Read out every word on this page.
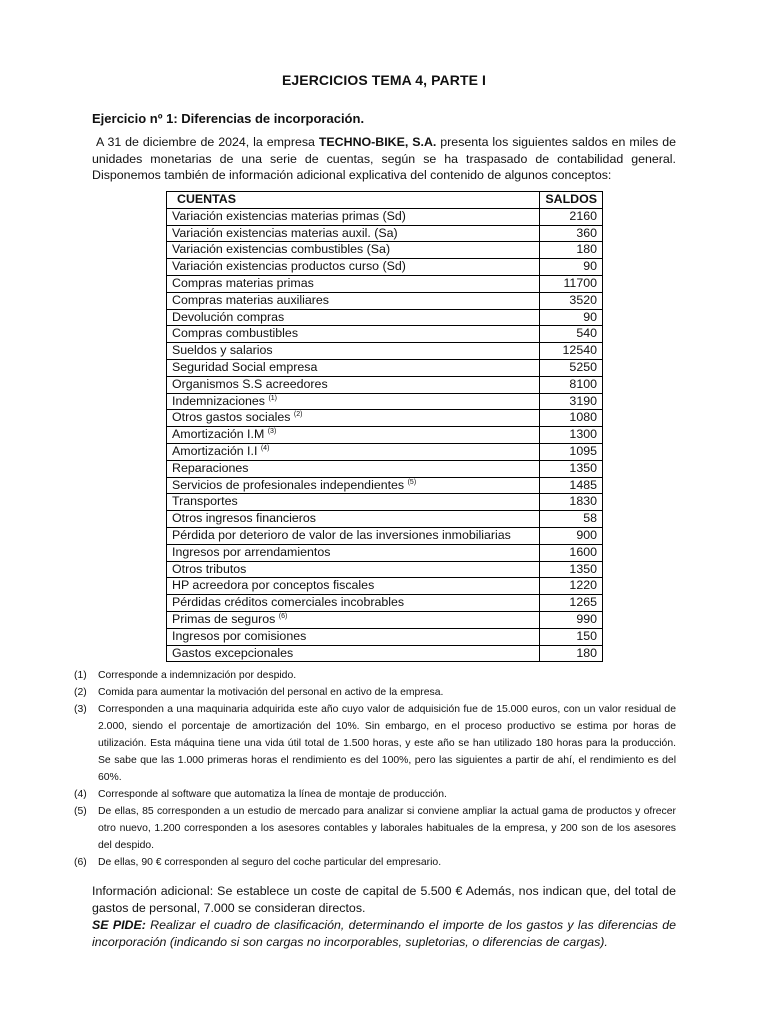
EJERCICIOS TEMA 4, PARTE I
Ejercicio nº 1: Diferencias de incorporación.
A 31 de diciembre de 2024, la empresa TECHNO-BIKE, S.A. presenta los siguientes saldos en miles de unidades monetarias de una serie de cuentas, según se ha traspasado de contabilidad general. Disponemos también de información adicional explicativa del contenido de algunos conceptos:
CUENTAS	SALDOS
Variación existencias materias primas (Sd)	2160
Variación existencias materias auxil. (Sa)	360
Variación existencias combustibles (Sa)	180
Variación existencias productos curso (Sd)	90
Compras materias primas	11700
Compras materias auxiliares	3520
Devolución compras	90
Compras combustibles	540
Sueldos y salarios	12540
Seguridad Social empresa	5250
Organismos S.S acreedores	8100
Indemnizaciones $^{(1)}$	3190
Otros gastos sociales $^{(2)}$	1080
Amortización I.M $^{(3)}$	1300
Amortización I.I $^{(4)}$	1095
Reparaciones	1350
Servicios de profesionales independientes $^{(5)}$	1485
Transportes	1830
Otros ingresos financieros	58
Pérdida por deterioro de valor de las inversiones inmobiliarias	900
Ingresos por arrendamientos	1600
Otros tributos	1350
HP acreedora por conceptos fiscales	1220
Pérdidas créditos comerciales incobrables	1265
Primas de seguros $^{(6)}$	990
Ingresos por comisiones	150
Gastos excepcionales	180
(1) Corresponde a indemnización por despido.
(2) Comida para aumentar la motivación del personal en activo de la empresa.
(3) Corresponden a una maquinaria adquirida este año cuyo valor de adquisición fue de 15.000 euros, con un valor residual de 2.000, siendo el porcentaje de amortización del 10%. Sin embargo, en el proceso productivo se estima por horas de utilización. Esta máquina tiene una vida útil total de 1.500 horas, y este año se han utilizado 180 horas para la producción. Se sabe que las 1.000 primeras horas el rendimiento es del 100%, pero las siguientes a partir de ahí, el rendimiento es del 60%.
(4) Corresponde al software que automatiza la línea de montaje de producción.
(5) De ellas, 85 corresponden a un estudio de mercado para analizar si conviene ampliar la actual gama de productos y ofrecer otro nuevo, 1.200 corresponden a los asesores contables y laborales habituales de la empresa, y 200 son de los asesores del despido.
(6) De ellas, 90 € corresponden al seguro del coche particular del empresario.

Información adicional: Se establece un coste de capital de 5.500 € Además, nos indican que, del total de gastos de personal, 7.000 se consideran directos.

SE PIDE: Realizar el cuadro de clasificación, determinando el importe de los gastos y las diferencias de incorporación (indicando si son cargas no incorporables, supletorias, o diferencias de cargas).
